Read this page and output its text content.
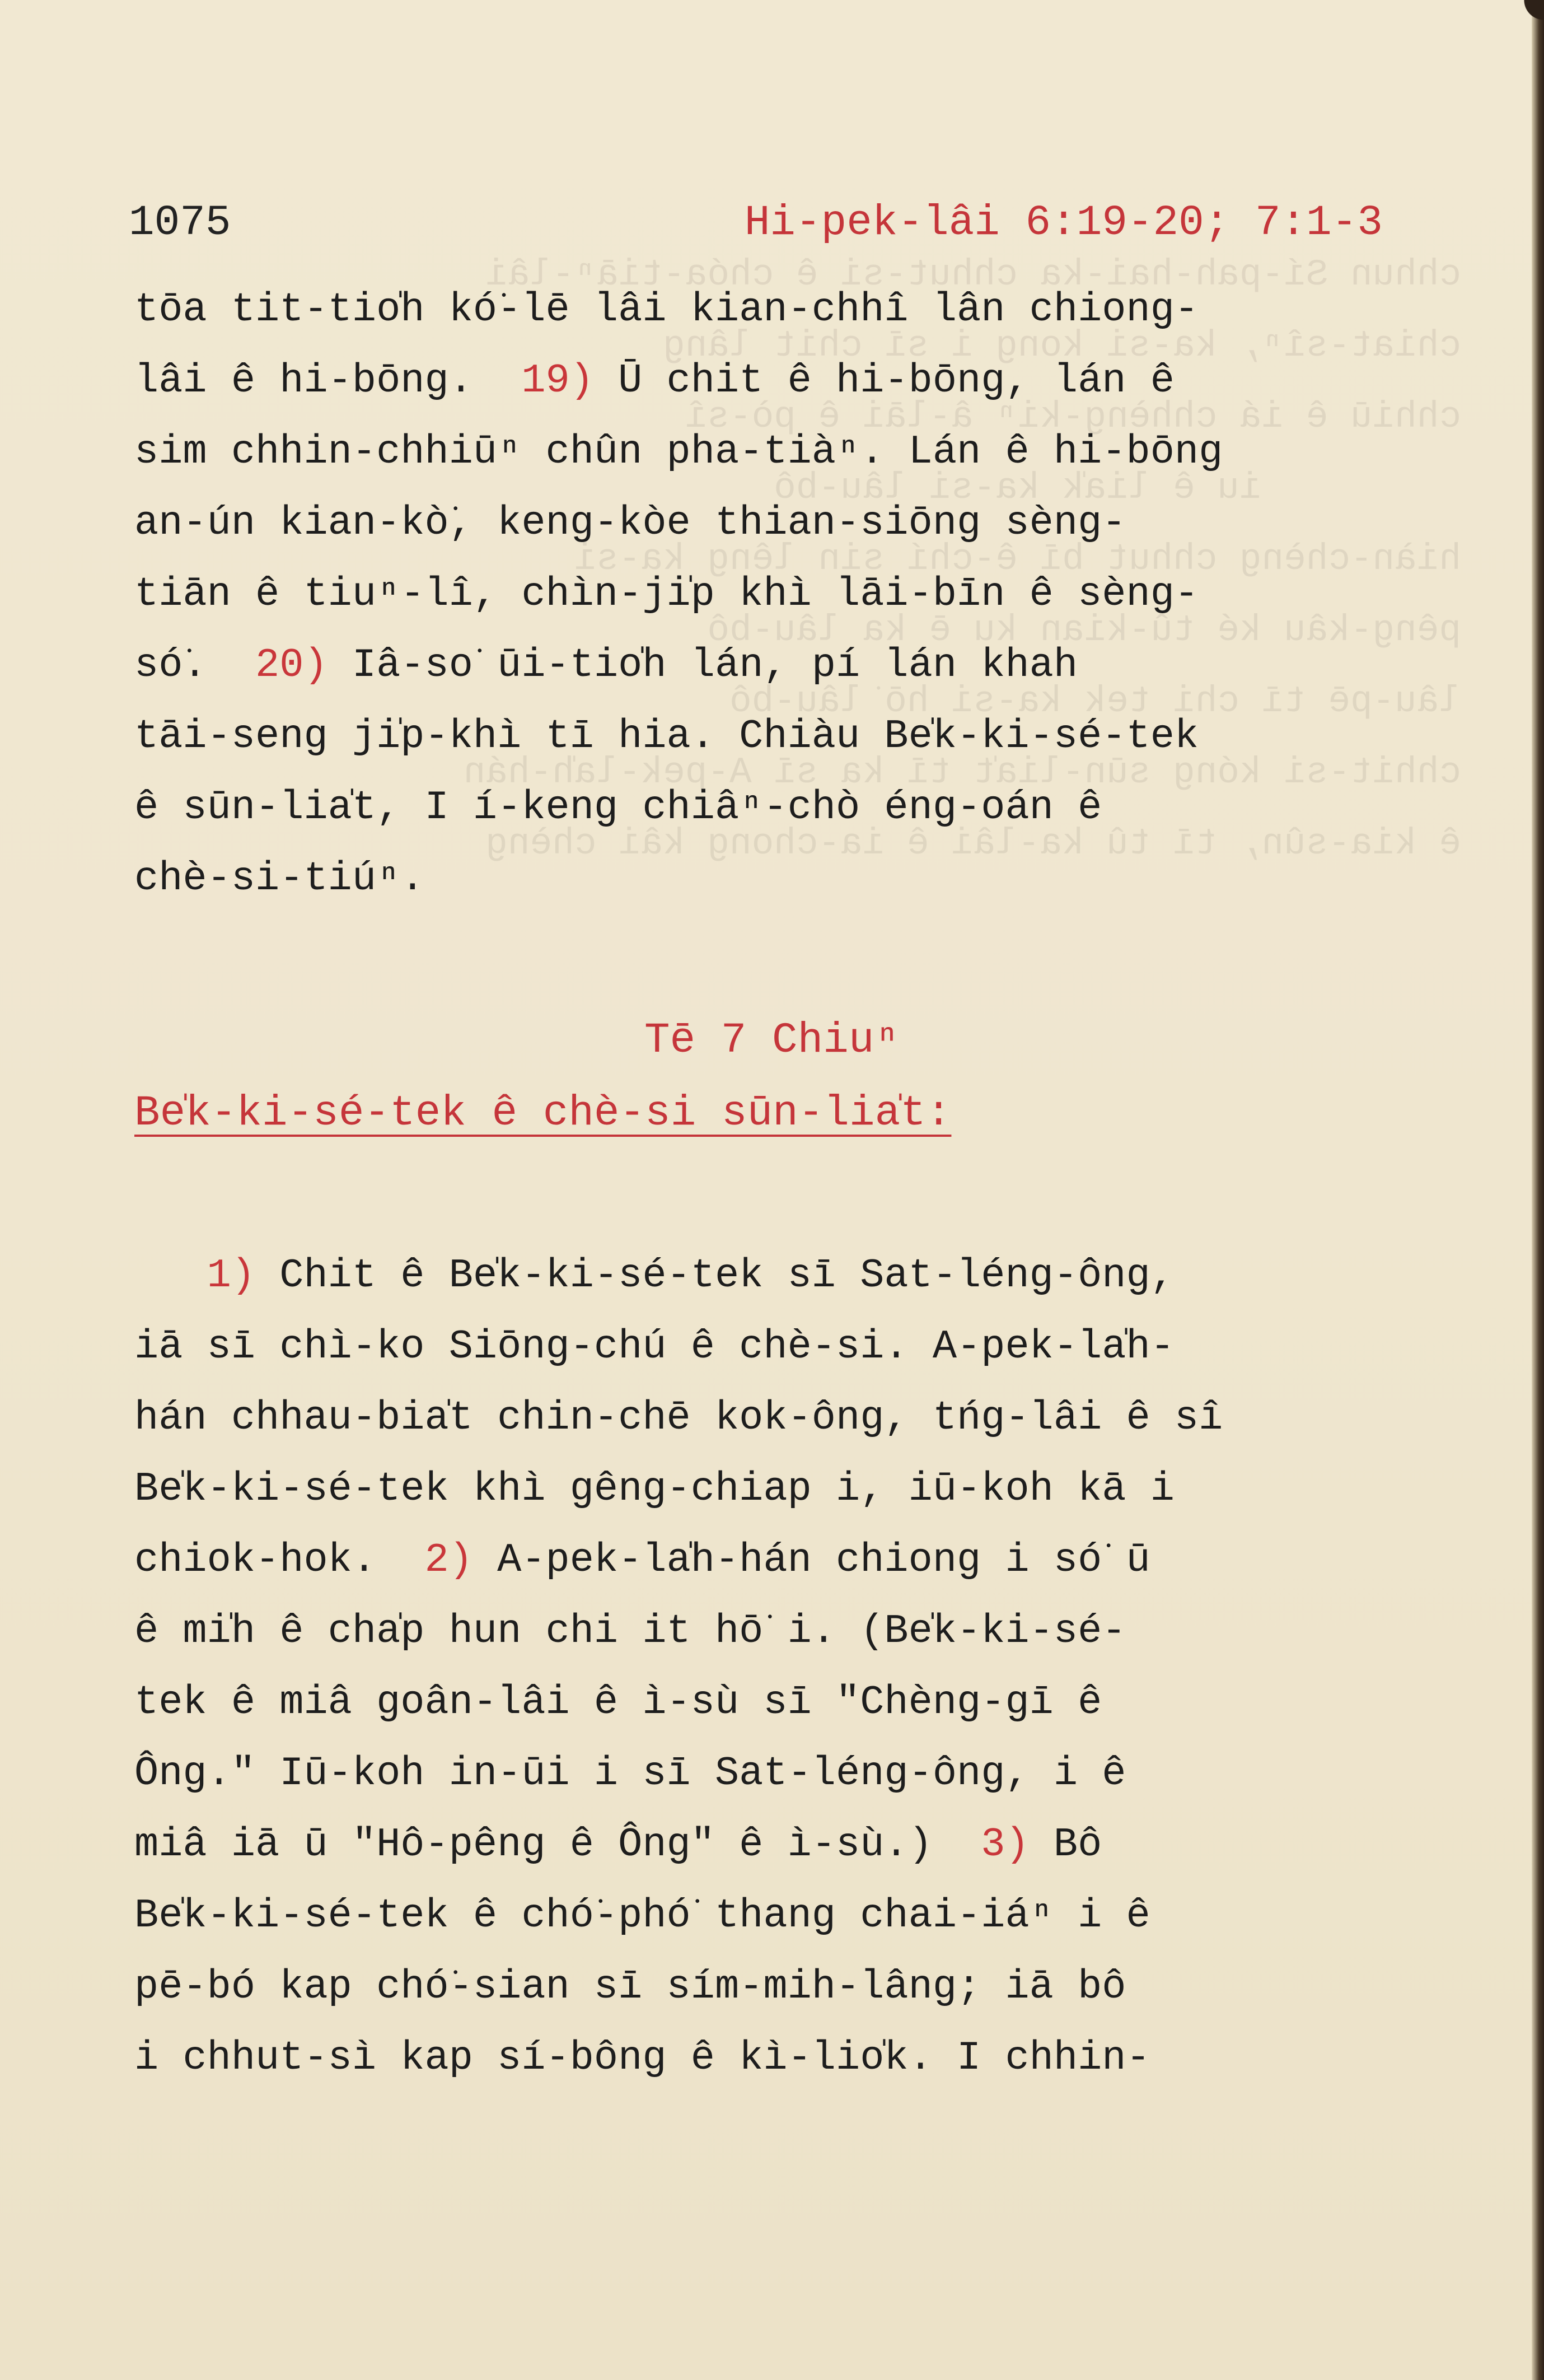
chhun Sí-pah-hai-ka chhut-si ê chóa-tiāⁿ-lâi
chiat-sîⁿ, ka-si kong i sī chit lâng
chhiū ê iá chhèng-kiⁿ â-lāi ê pò-sî
iu ê lia̍k ka-si lâu-bô
hiàn-chèng chhut bī ê-chí sin lêng ka-si
pêng-kâu ké tû-kian ku ē ka lâu-bô
lâu-pē tī chi tek ka-si hō͘ lâu-bô
chhit-si kóng sūn-lia̍t tī ka sī A-pek-la̍h-hán
ê kia-sûn, tī tû ka-lâi ê ia-chong kâi chèng

1075	Hi-pek-lâi 6:19-20; 7:1-3
tōa tit-tio̍h kó͘-lē lâi kian-chhî lân chiong-
lâi ê hi-bōng.  19) Ū chit ê hi-bōng, lán ê
sim chhin-chhiūⁿ chûn pha-tiàⁿ. Lán ê hi-bōng
an-ún kian-kò͘, keng-kòe thian-siōng sèng-
tiān ê tiuⁿ-lî, chìn-ji̍p khì lāi-bīn ê sèng-
só͘.  20) Iâ-so͘ ūi-tio̍h lán, pí lán khah
tāi-seng ji̍p-khì tī hia. Chiàu Be̍k-ki-sé-tek
ê sūn-lia̍t, I í-keng chiâⁿ-chò éng-oán ê
chè-si-tiúⁿ.
Tē 7 Chiuⁿ
Be̍k-ki-sé-tek ê chè-si sūn-lia̍t:
1) Chit ê Be̍k-ki-sé-tek sī Sat-léng-ông,
iā sī chì-ko Siōng-chú ê chè-si. A-pek-la̍h-
hán chhau-bia̍t chin-chē kok-ông, tńg-lâi ê sî
Be̍k-ki-sé-tek khì gêng-chiap i, iū-koh kā i
chiok-hok.  2) A-pek-la̍h-hán chiong i só͘ ū
ê mi̍h ê cha̍p hun chi it hō͘ i. (Be̍k-ki-sé-
tek ê miâ goân-lâi ê ì-sù sī "Chèng-gī ê
Ông." Iū-koh in-ūi i sī Sat-léng-ông, i ê
miâ iā ū "Hô-pêng ê Ông" ê ì-sù.)  3) Bô
Be̍k-ki-sé-tek ê chó͘-phó͘ thang chai-iáⁿ i ê
pē-bó kap chó͘-sian sī sím-mih-lâng; iā bô
i chhut-sì kap sí-bông ê kì-lio̍k. I chhin-
